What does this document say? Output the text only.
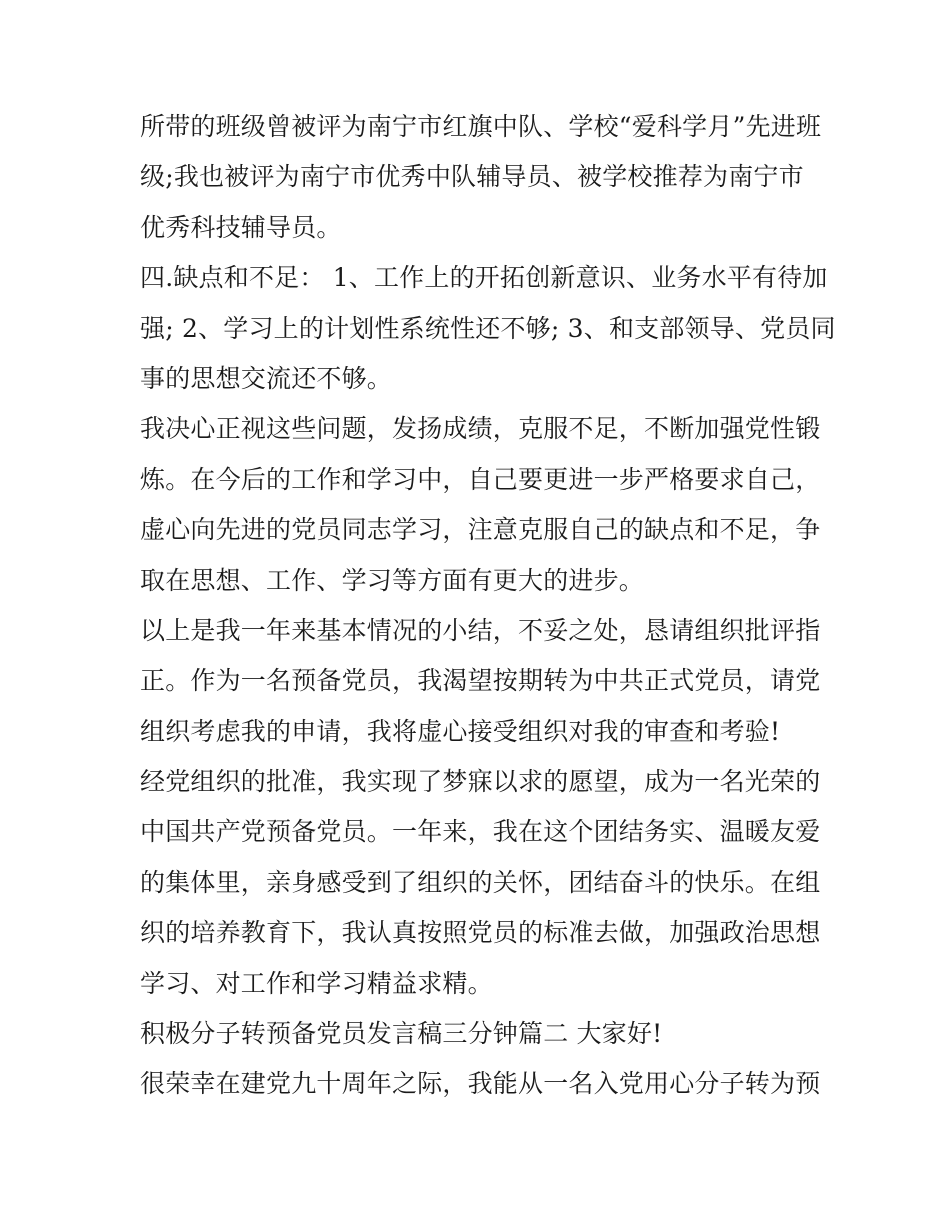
所带的班级曾被评为南宁市红旗中队、学校“爱科学月”先进班
级;我也被评为南宁市优秀中队辅导员、被学校推荐为南宁市
优秀科技辅导员。
四.缺点和不足： 1、工作上的开拓创新意识、业务水平有待加
强; 2、学习上的计划性系统性还不够; 3、和支部领导、党员同
事的思想交流还不够。
我决心正视这些问题，发扬成绩，克服不足，不断加强党性锻
炼。在今后的工作和学习中，自己要更进一步严格要求自己，
虚心向先进的党员同志学习，注意克服自己的缺点和不足，争
取在思想、工作、学习等方面有更大的进步。
以上是我一年来基本情况的小结，不妥之处，恳请组织批评指
正。作为一名预备党员，我渴望按期转为中共正式党员，请党
组织考虑我的申请，我将虚心接受组织对我的审查和考验!
经党组织的批准，我实现了梦寐以求的愿望，成为一名光荣的
中国共产党预备党员。一年来，我在这个团结务实、温暖友爱
的集体里，亲身感受到了组织的关怀，团结奋斗的快乐。在组
织的培养教育下，我认真按照党员的标准去做，加强政治思想
学习、对工作和学习精益求精。
积极分子转预备党员发言稿三分钟篇二 大家好!
很荣幸在建党九十周年之际，我能从一名入党用心分子转为预
